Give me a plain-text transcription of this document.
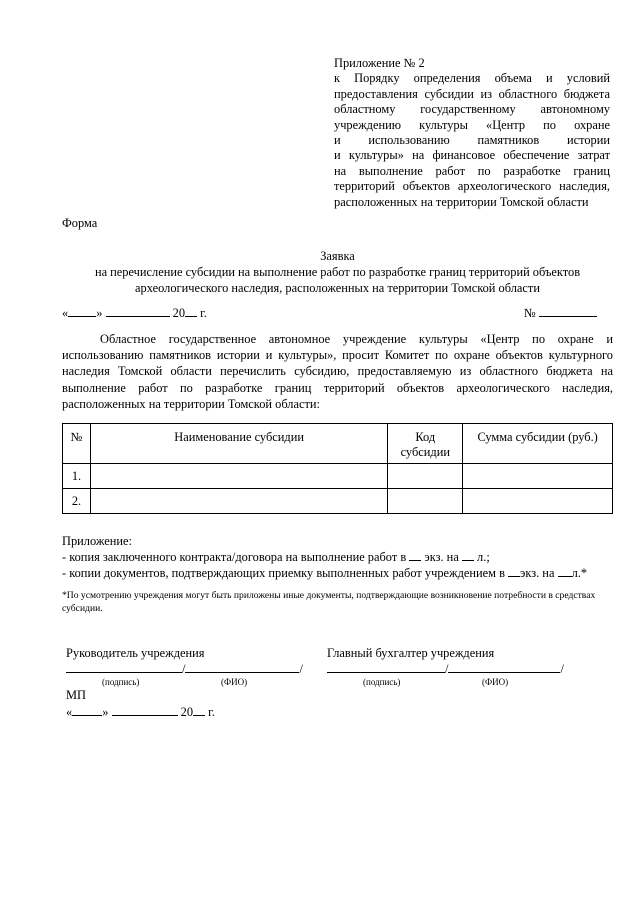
Приложение № 2
к Порядку определения объема и условий
предоставления субсидии из областного бюджета
областному государственному автономному
учреждению культуры «Центр по охране
и использованию памятников истории
и культуры» на финансовое обеспечение затрат
на выполнение работ по разработке границ
территорий объектов археологического наследия,
расположенных на территории Томской области
Форма
Заявка
на перечисление субсидии на выполнение работ по разработке границ территорий объектов
археологического наследия, расположенных на территории Томской области
« »	20 г.	№
Областное государственное автономное учреждение культуры «Центр по охране и использованию памятников истории и культуры», просит Комитет по охране объектов культурного наследия Томской области перечислить субсидию, предоставляемую из областного бюджета на выполнение работ по разработке границ территорий объектов археологического наследия, расположенных на территории Томской области:
№	Наименование субсидии	Код субсидии	Сумма субсидии (руб.)
1.			
2.			
Приложение:
- копия заключенного контракта/договора на выполнение работ в экз. на л.;
- копии документов, подтверждающих приемку выполненных работ учреждением в экз. на л.*
*По усмотрению учреждения могут быть приложены иные документы, подтверждающие возникновение потребности в средствах субсидии.
Руководитель учреждения
/	/
(подпись)	(ФИО)
Главный бухгалтер учреждения
/	/
(подпись)	(ФИО)
МП
« »	20 г.
